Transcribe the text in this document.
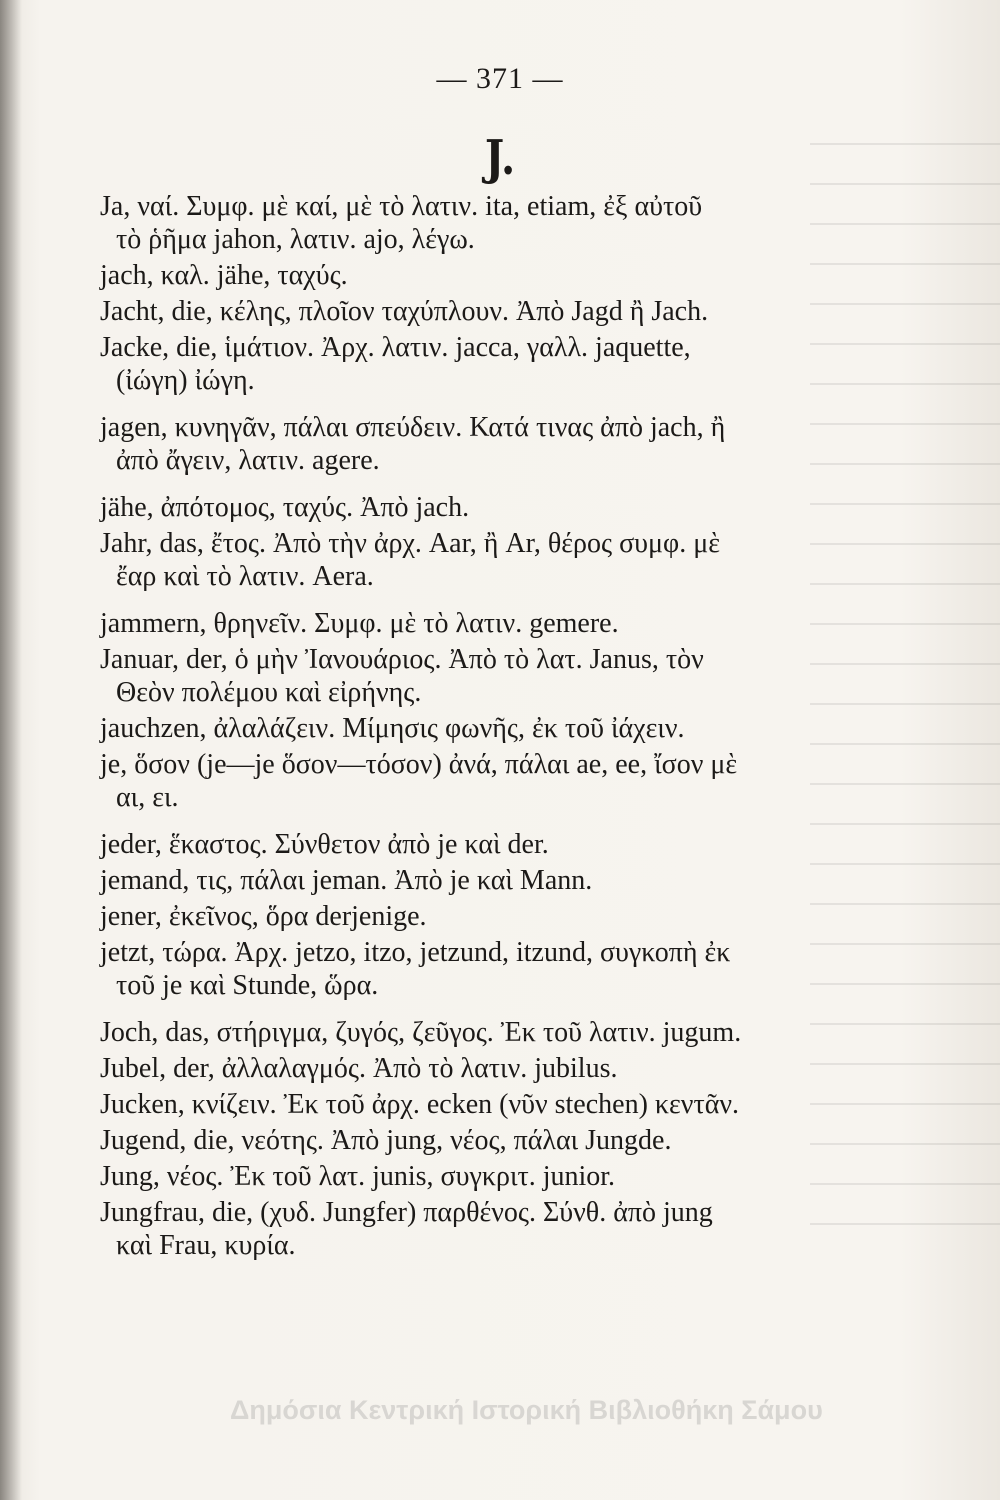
— 371 —
J.

Ja, ναί. Συμφ. μὲ καί, μὲ τὸ λατιν. ita, etiam, ἐξ αὐτοῦ
τὸ ῥῆμα jahon, λατιν. ajo, λέγω.

jach, καλ. jähe, ταχύς.

Jacht, die, κέλης, πλοῖον ταχύπλουν. Ἀπὸ Jagd ἢ Jach.

Jacke, die, ἱμάτιον. Ἀρχ. λατιν. jacca, γαλλ. jaquette,
(ἰώγη) ἰώγη.

jagen, κυνηγᾶν, πάλαι σπεύδειν. Κατά τινας ἀπὸ jach, ἢ
ἀπὸ ἄγειν, λατιν. agere.

jähe, ἀπότομος, ταχύς. Ἀπὸ jach.

Jahr, das, ἔτος. Ἀπὸ τὴν ἀρχ. Aar, ἢ Ar, θέρος συμφ. μὲ
ἔαρ καὶ τὸ λατιν. Aera.

jammern, θρηνεῖν. Συμφ. μὲ τὸ λατιν. gemere.

Januar, der, ὁ μὴν Ἰανουάριος. Ἀπὸ τὸ λατ. Janus, τὸν
Θεὸν πολέμου καὶ εἰρήνης.

jauchzen, ἀλαλάζειν. Μίμησις φωνῆς, ἐκ τοῦ ἰάχειν.

je, ὅσον (je—je ὅσον—τόσον) ἀνά, πάλαι ae, ee, ἴσον μὲ
αι, ει.

jeder, ἕκαστος. Σύνθετον ἀπὸ je καὶ der.

jemand, τις, πάλαι jeman. Ἀπὸ je καὶ Mann.

jener, ἐκεῖνος, ὅρα derjenige.

jetzt, τώρα. Ἀρχ. jetzo, itzo, jetzund, itzund, συγκοπὴ ἐκ
τοῦ je καὶ Stunde, ὥρα.

Joch, das, στήριγμα, ζυγός, ζεῦγος. Ἐκ τοῦ λατιν. jugum.

Jubel, der, ἀλλαλαγμός. Ἀπὸ τὸ λατιν. jubilus.

Jucken, κνίζειν. Ἐκ τοῦ ἀρχ. ecken (νῦν stechen) κεντᾶν.

Jugend, die, νεότης. Ἀπὸ jung, νέος, πάλαι Jungde.

Jung, νέος. Ἐκ τοῦ λατ. junis, συγκριτ. junior.

Jungfrau, die, (χυδ. Jungfer) παρθένος. Σύνθ. ἀπὸ jung
καὶ Frau, κυρία.

Δημόσια Κεντρική Ιστορική Βιβλιοθήκη Σάμου
